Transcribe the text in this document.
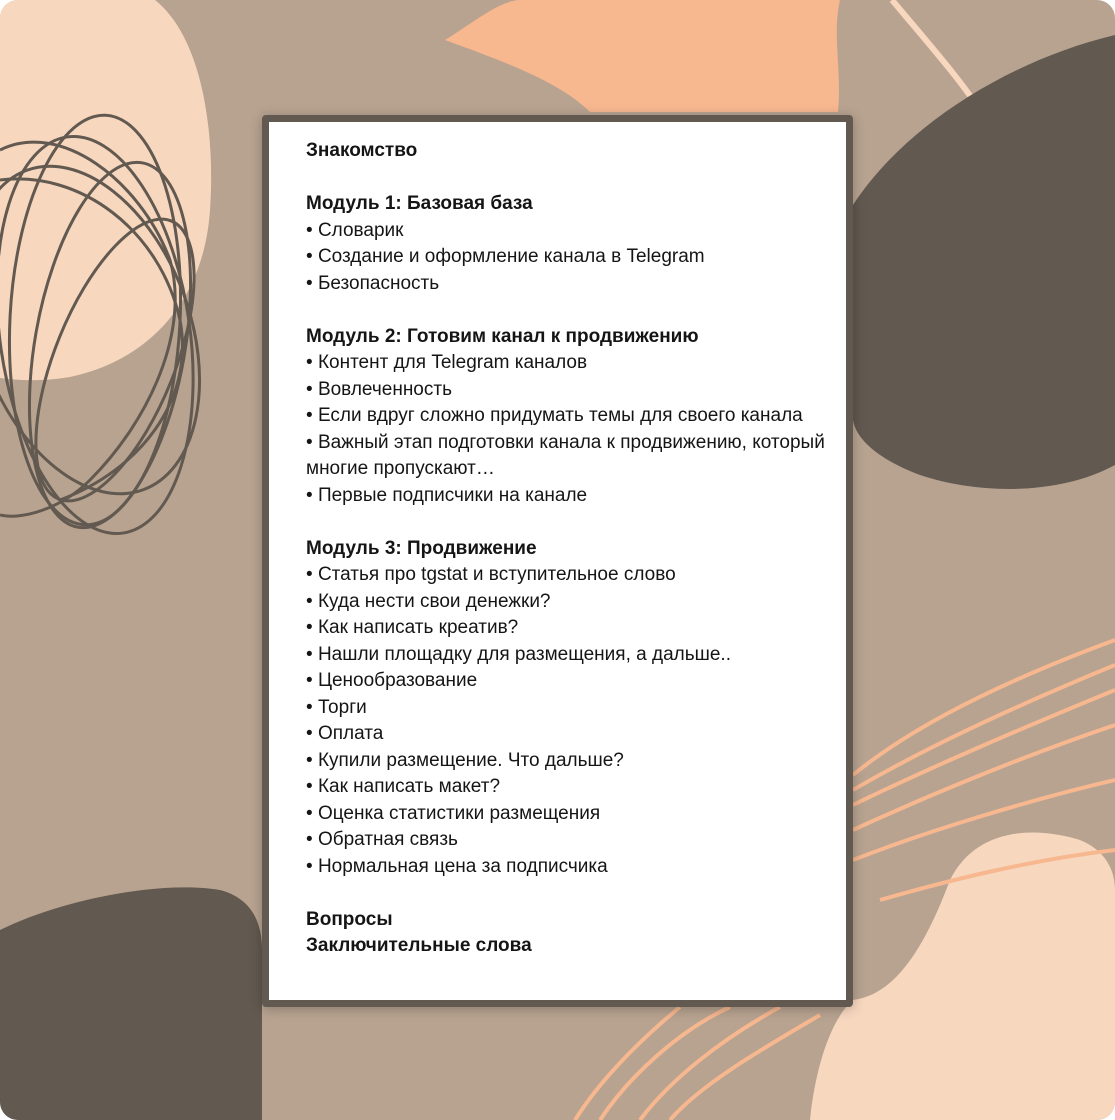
Знакомство

Модуль 1: Базовая база

• Словарик
• Создание и оформление канала в Telegram
• Безопасность

Модуль 2: Готовим канал к продвижению

• Контент для Telegram каналов
• Вовлеченность
• Если вдруг сложно придумать темы для своего канала
• Важный этап подготовки канала к продвижению, который многие пропускают…
• Первые подписчики на канале

Модуль 3: Продвижение

• Статья про tgstat и вступительное слово
• Куда нести свои денежки?
• Как написать креатив?
• Нашли площадку для размещения, а дальше..
• Ценообразование
• Торги
• Оплата
• Купили размещение. Что дальше?
• Как написать макет?
• Оценка статистики размещения
• Обратная связь
• Нормальная цена за подписчика

Вопросы

Заключительные слова
